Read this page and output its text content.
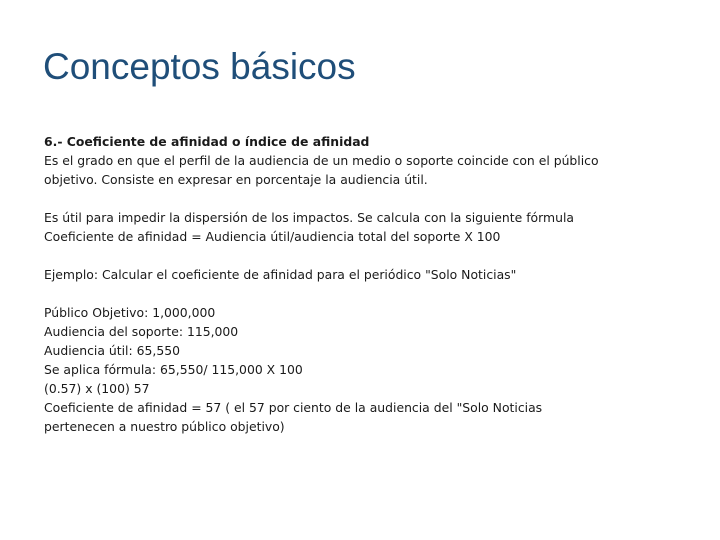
Conceptos básicos
6.- Coeficiente de afinidad o índice de afinidad
Es el grado en que el perfil de la audiencia de un medio o soporte coincide con el público
objetivo. Consiste en expresar en porcentaje la audiencia útil.
Es útil para impedir la dispersión de los impactos. Se calcula con la siguiente fórmula
Coeficiente de afinidad = Audiencia útil/audiencia total del soporte X 100
Ejemplo: Calcular el coeficiente de afinidad para el periódico "Solo Noticias"
Público Objetivo: 1,000,000
Audiencia del soporte: 115,000
Audiencia útil: 65,550
Se aplica fórmula: 65,550/ 115,000 X 100
(0.57) x (100) 57
Coeficiente de afinidad = 57 ( el 57 por ciento de la audiencia del "Solo Noticias
pertenecen a nuestro público objetivo)
